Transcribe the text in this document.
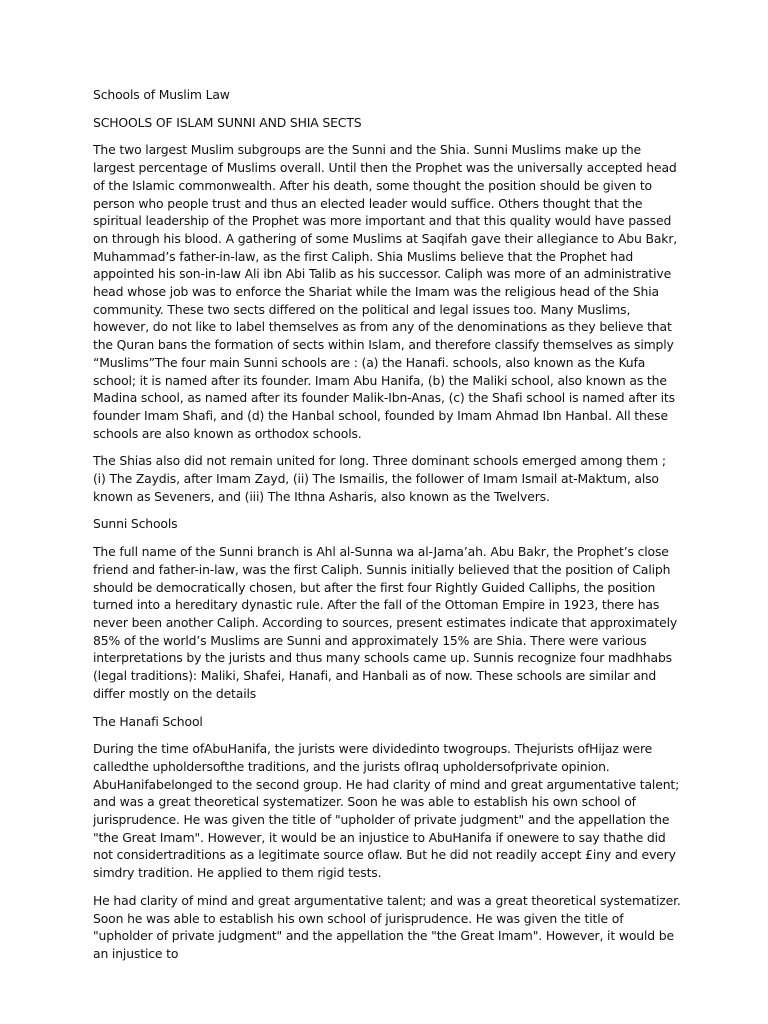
Schools of Muslim Law

SCHOOLS OF ISLAM SUNNI AND SHIA SECTS

The two largest Muslim subgroups are the Sunni and the Shia. Sunni Muslims make up the largest percentage of Muslims overall. Until then the Prophet was the universally accepted head of the Islamic commonwealth. After his death, some thought the position should be given to person who people trust and thus an elected leader would suffice. Others thought that the spiritual leadership of the Prophet was more important and that this quality would have passed on through his blood. A gathering of some Muslims at Saqifah gave their allegiance to Abu Bakr, Muhammad’s father-in-law, as the first Caliph. Shia Muslims believe that the Prophet had appointed his son-in-law Ali ibn Abi Talib as his successor. Caliph was more of an administrative head whose job was to enforce the Shariat while the Imam was the religious head of the Shia community. These two sects differed on the political and legal issues too. Many Muslims, however, do not like to label themselves as from any of the denominations as they believe that the Quran bans the formation of sects within Islam, and therefore classify themselves as simply “Muslims”The four main Sunni schools are : (a) the Hanafi. schools, also known as the Kufa school; it is named after its founder. Imam Abu Hanifa, (b) the Maliki school, also known as the Madina school, as named after its founder Malik-Ibn-Anas, (c) the Shafi school is named after its founder Imam Shafi, and (d) the Hanbal school, founded by Imam Ahmad Ibn Hanbal. All these schools are also known as orthodox schools.

The Shias also did not remain united for long. Three dominant schools emerged among them ; (i) The Zaydis, after Imam Zayd, (ii) The Ismailis, the follower of Imam Ismail at-Maktum, also known as Seveners, and (iii) The Ithna Asharis, also known as the Twelvers.

Sunni Schools

The full name of the Sunni branch is Ahl al-Sunna wa al-Jama’ah. Abu Bakr, the Prophet’s close friend and father-in-law, was the first Caliph. Sunnis initially believed that the position of Caliph should be democratically chosen, but after the first four Rightly Guided Calliphs, the position turned into a hereditary dynastic rule. After the fall of the Ottoman Empire in 1923, there has never been another Caliph. According to sources, present estimates indicate that approximately 85% of the world’s Muslims are Sunni and approximately 15% are Shia. There were various interpretations by the jurists and thus many schools came up. Sunnis recognize four madhhabs (legal traditions): Maliki, Shafei, Hanafi, and Hanbali as of now. These schools are similar and differ mostly on the details

The Hanafi School

During the time ofAbuHanifa, the jurists were dividedinto twogroups. Thejurists ofHijaz were calledthe upholdersofthe traditions, and the jurists ofIraq upholdersofprivate opinion. AbuHanifabelonged to the second group. He had clarity of mind and great argumentative talent; and was a great theoretical systematizer. Soon he was able to establish his own school of jurisprudence. He was given the title of "upholder of private judgment" and the appellation the "the Great Imam". However, it would be an injustice to AbuHanifa if onewere to say thathe did not considertraditions as a legitimate source oflaw. But he did not readily accept £iny and every simdry tradition. He applied to them rigid tests.

He had clarity of mind and great argumentative talent; and was a great theoretical systematizer. Soon he was able to establish his own school of jurisprudence. He was given the title of "upholder of private judgment" and the appellation the "the Great Imam". However, it would be an injustice to
